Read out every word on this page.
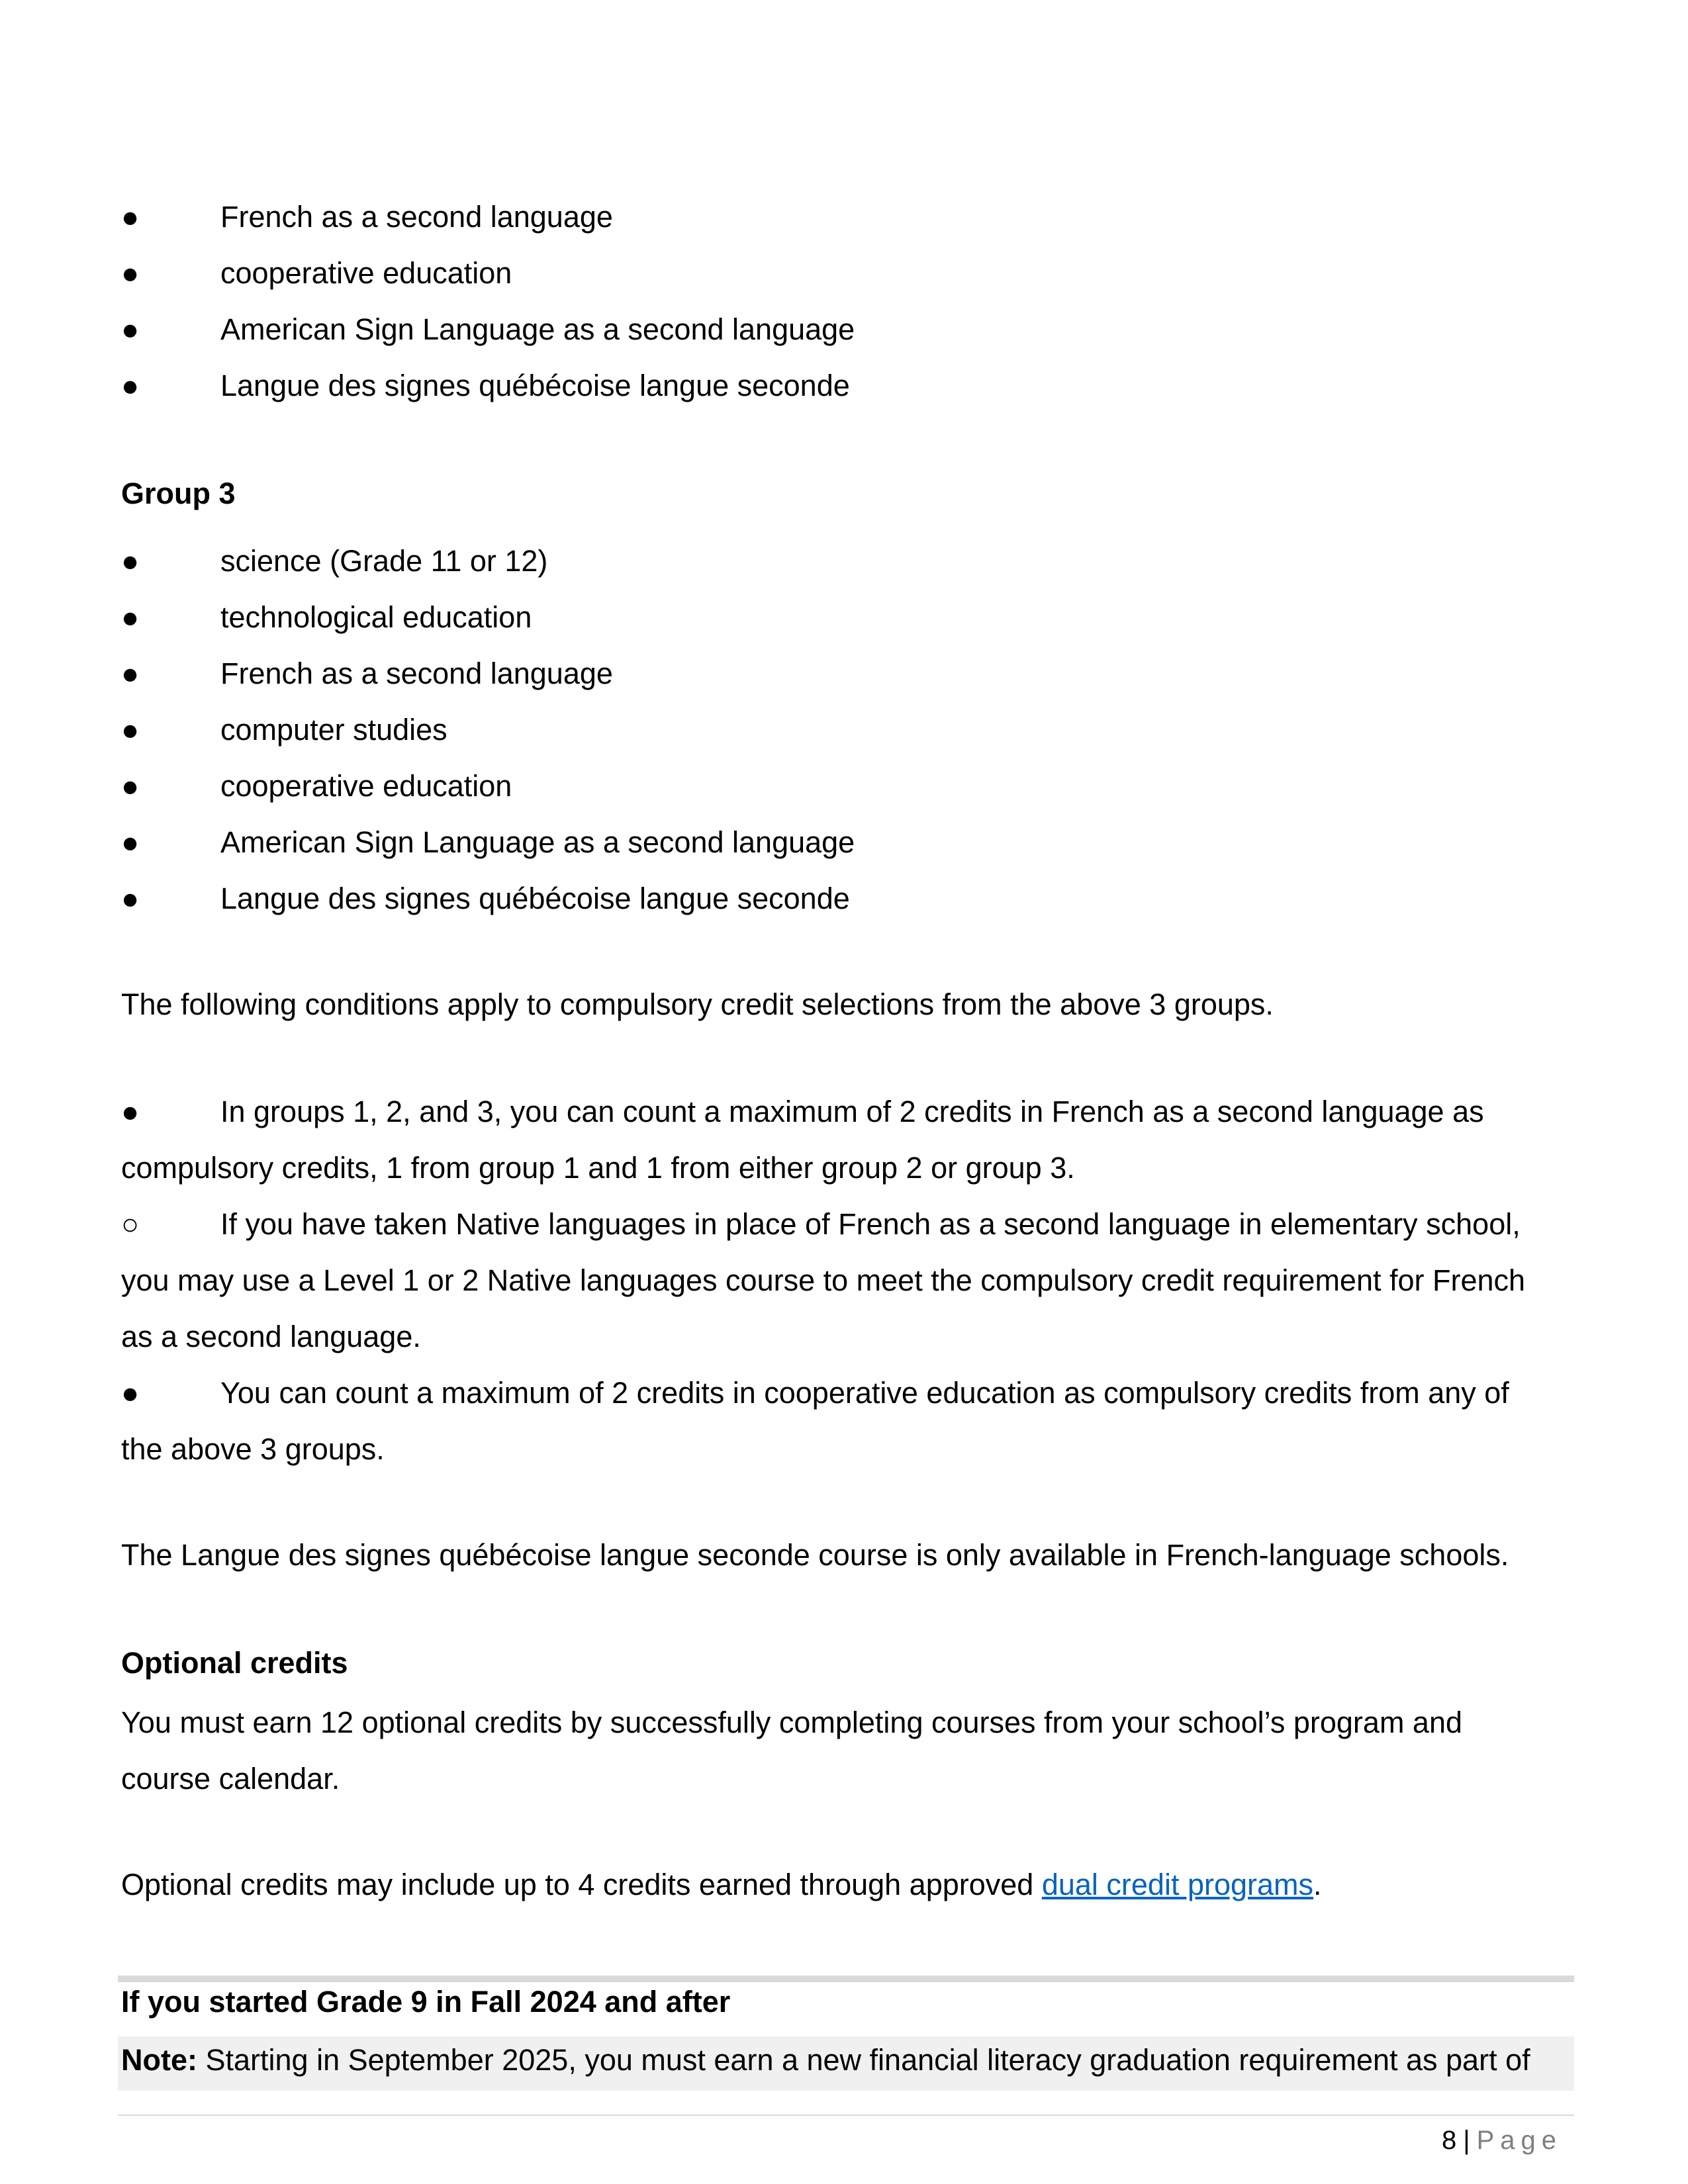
●	French as a second language
●	cooperative education
●	American Sign Language as a second language
●	Langue des signes québécoise langue seconde
Group 3
●	science (Grade 11 or 12)
●	technological education
●	French as a second language
●	computer studies
●	cooperative education
●	American Sign Language as a second language
●	Langue des signes québécoise langue seconde
The following conditions apply to compulsory credit selections from the above 3 groups.
●	In groups 1, 2, and 3, you can count a maximum of 2 credits in French as a second language as
compulsory credits, 1 from group 1 and 1 from either group 2 or group 3.
○	If you have taken Native languages in place of French as a second language in elementary school,
you may use a Level 1 or 2 Native languages course to meet the compulsory credit requirement for French
as a second language.
●	You can count a maximum of 2 credits in cooperative education as compulsory credits from any of
the above 3 groups.
The Langue des signes québécoise langue seconde course is only available in French-language schools.
Optional credits
You must earn 12 optional credits by successfully completing courses from your school’s program and
course calendar.
Optional credits may include up to 4 credits earned through approved dual credit programs.
If you started Grade 9 in Fall 2024 and after
Note: Starting in September 2025, you must earn a new financial literacy graduation requirement as part of
8 | Page
